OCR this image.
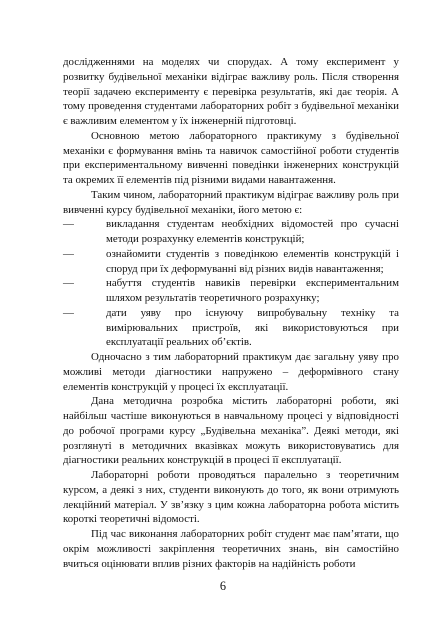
дослідженнями на моделях чи спорудах. А тому експеримент у розвитку будівельної механіки відіграє важливу роль. Після створення теорії задачею експерименту є перевірка результатів, які дає теорія. А тому проведення студентами лабораторних робіт з будівельної механіки є важливим елементом у їх інженерній підготовці.

Основною метою лабораторного практикуму з будівельної механіки є формування вмінь та навичок самостійної роботи студентів при експериментальному вивченні поведінки інженерних конструкцій та окремих її елементів під різними видами навантаження.

Таким чином, лабораторний практикум відіграє важливу роль при вивченні курсу будівельної механіки, його метою є:

—	викладання студентам необхідних відомостей про сучасні методи розрахунку елементів конструкцій;
—	ознайомити студентів з поведінкою елементів конструкцій і споруд при їх деформуванні від різних видів навантаження;
—	набуття студентів навиків перевірки експериментальним шляхом результатів теоретичного розрахунку;
—	дати уяву про існуючу випробувальну техніку та вимірювальних пристроїв, які використовуються при експлуатації реальних об’єктів.

Одночасно з тим лабораторний практикум дає загальну уяву про можливі методи діагностики напружено – деформівного стану елементів конструкцій у процесі їх експлуатації.

Дана методична розробка містить лабораторні роботи, які найбільш частіше виконуються в навчальному процесі у відповідності до робочої програми курсу „Будівельна механіка”. Деякі методи, які розглянуті в методичних вказівках можуть використовуватись для діагностики реальних конструкцій в процесі її експлуатації.

Лабораторні роботи проводяться паралельно з теоретичним курсом, а деякі з них, студенти виконують до того, як вони отримують лекційний матеріал. У зв’язку з цим кожна лабораторна робота містить короткі теоретичні відомості.

Під час виконання лабораторних робіт студент має пам’ятати, що окрім можливості закріплення теоретичних знань, він самостійно вчиться оцінювати вплив різних факторів на надійність роботи

6
